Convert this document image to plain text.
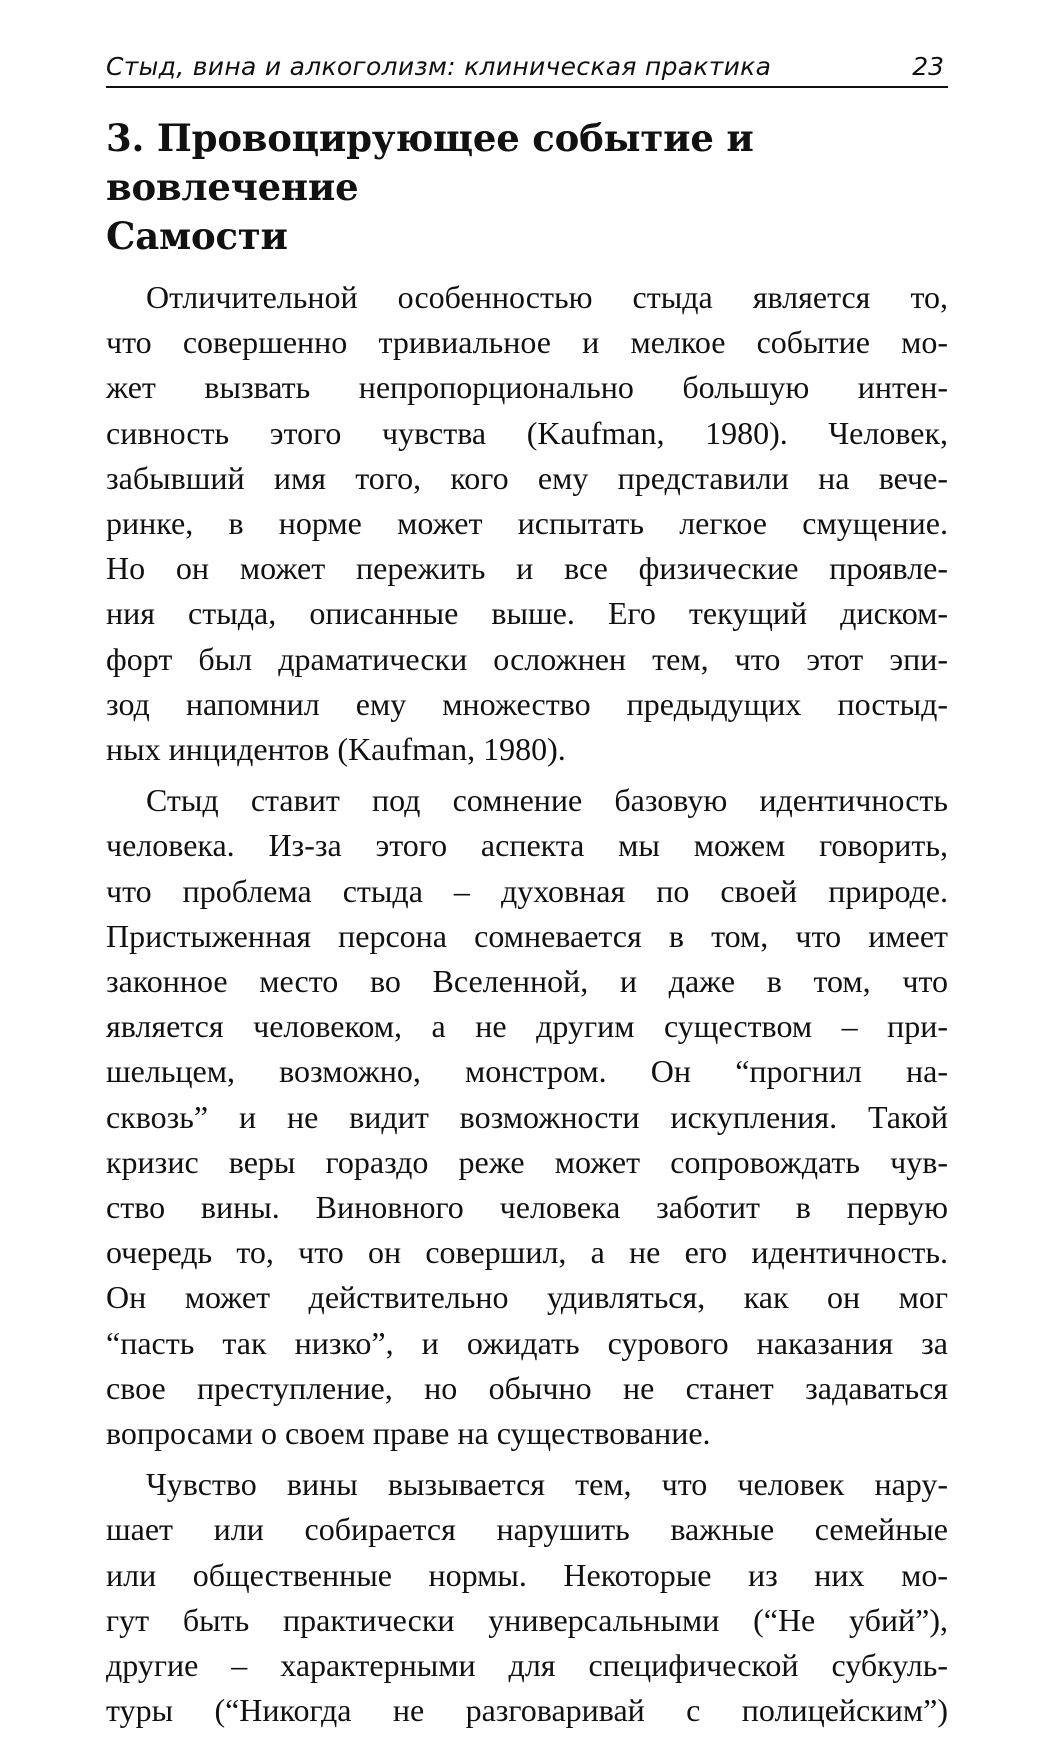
Стыд, вина и алкоголизм: клиническая практика	23
3. Провоцирующее событие и вовлечение
Самости

Отличительной особенностью стыда является то,
что совершенно тривиальное и мелкое событие мо-
жет вызвать непропорционально большую интен-
сивность этого чувства (Kaufman, 1980). Человек,
забывший имя того, кого ему представили на вече-
ринке, в норме может испытать легкое смущение.
Но он может пережить и все физические проявле-
ния стыда, описанные выше. Его текущий диском-
форт был драматически осложнен тем, что этот эпи-
зод напомнил ему множество предыдущих постыд-
ных инцидентов (Kaufman, 1980).

Стыд ставит под сомнение базовую идентичность
человека. Из-за этого аспекта мы можем говорить,
что проблема стыда – духовная по своей природе.
Пристыженная персона сомневается в том, что имеет
законное место во Вселенной, и даже в том, что
является человеком, а не другим существом – при-
шельцем, возможно, монстром. Он “прогнил на-
сквозь” и не видит возможности искупления. Такой
кризис веры гораздо реже может сопровождать чув-
ство вины. Виновного человека заботит в первую
очередь то, что он совершил, а не его идентичность.
Он может действительно удивляться, как он мог
“пасть так низко”, и ожидать сурового наказания за
свое преступление, но обычно не станет задаваться
вопросами о своем праве на существование.

Чувство вины вызывается тем, что человек нару-
шает или собирается нарушить важные семейные
или общественные нормы. Некоторые из них мо-
гут быть практически универсальными (“Не убий”),
другие – характерными для специфической субкуль-
туры (“Никогда не разговаривай с полицейским”)
